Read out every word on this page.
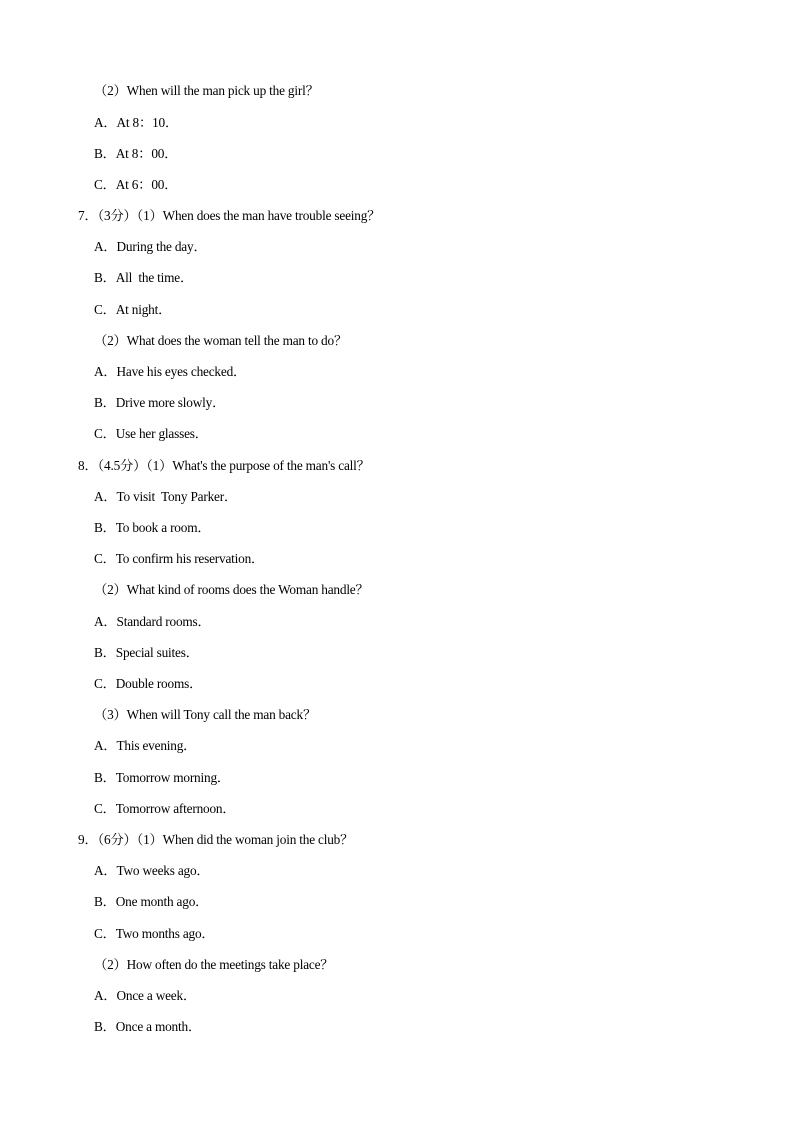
（2）When will the man pick up the girl？
A．At 8：10．
B．At 8：00．
C．At 6：00．
7．（3分）（1）When does the man have trouble seeing？
A．During the day．
B．All  the time．
C．At night．
（2）What does the woman tell the man to do？
A．Have his eyes checked．
B．Drive more slowly．
C．Use her glasses．
8．（4.5分）（1）What's the purpose of the man's call？
A．To visit  Tony Parker．
B．To book a room．
C．To confirm his reservation．
（2）What kind of rooms does the Woman handle？
A．Standard rooms．
B．Special suites．
C．Double rooms．
（3）When will Tony call the man back？
A．This evening．
B．Tomorrow morning．
C．Tomorrow afternoon．
9．（6分）（1）When did the woman join the club？
A．Two weeks ago．
B．One month ago．
C．Two months ago．
（2）How often do the meetings take place？
A．Once a week．
B．Once a month．
